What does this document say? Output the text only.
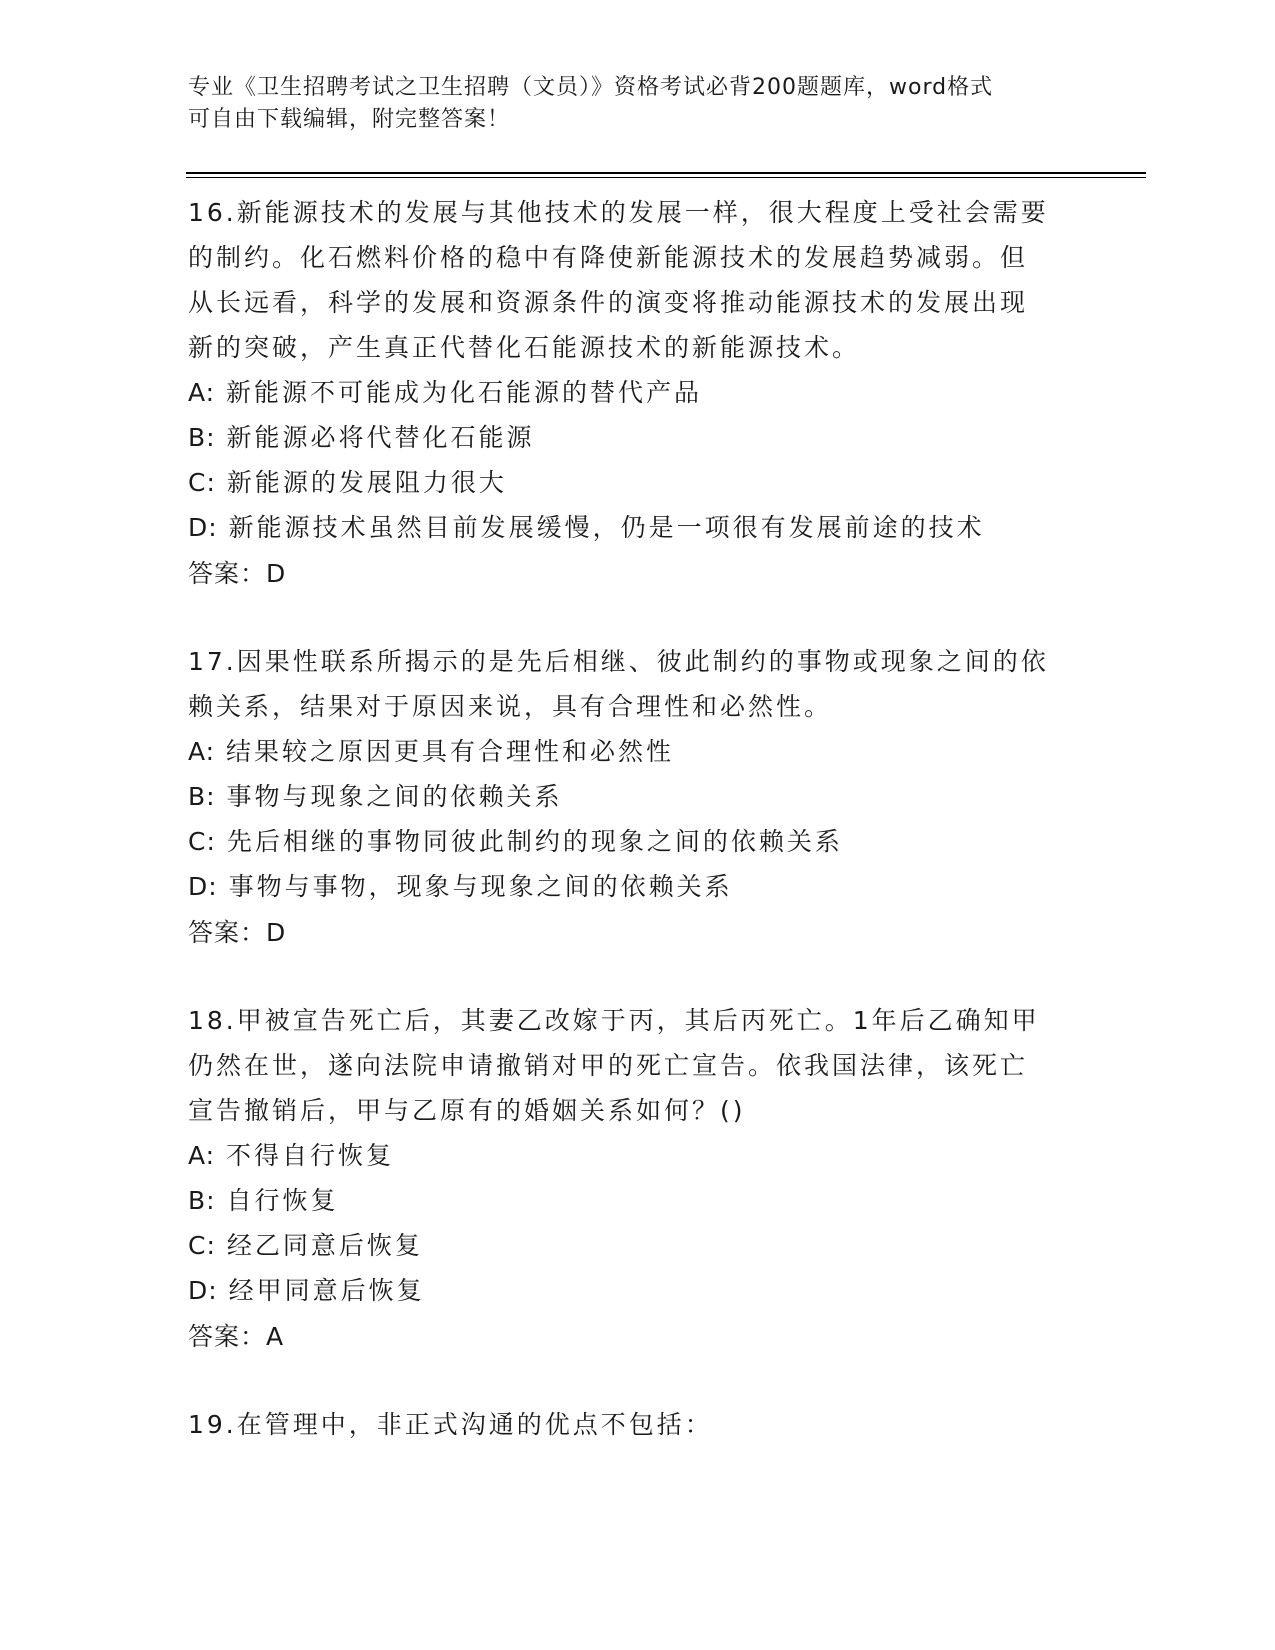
专业《卫生招聘考试之卫生招聘（文员）》资格考试必背200题题库，word格式
可自由下载编辑，附完整答案！
16.新能源技术的发展与其他技术的发展一样，很大程度上受社会需要
的制约。化石燃料价格的稳中有降使新能源技术的发展趋势减弱。但
从长远看，科学的发展和资源条件的演变将推动能源技术的发展出现
新的突破，产生真正代替化石能源技术的新能源技术。
A: 新能源不可能成为化石能源的替代产品
B: 新能源必将代替化石能源
C: 新能源的发展阻力很大
D: 新能源技术虽然目前发展缓慢，仍是一项很有发展前途的技术
答案：D
17.因果性联系所揭示的是先后相继、彼此制约的事物或现象之间的依
赖关系，结果对于原因来说，具有合理性和必然性。
A: 结果较之原因更具有合理性和必然性
B: 事物与现象之间的依赖关系
C: 先后相继的事物同彼此制约的现象之间的依赖关系
D: 事物与事物，现象与现象之间的依赖关系
答案：D
18.甲被宣告死亡后，其妻乙改嫁于丙，其后丙死亡。1年后乙确知甲
仍然在世，遂向法院申请撤销对甲的死亡宣告。依我国法律，该死亡
宣告撤销后，甲与乙原有的婚姻关系如何？()
A: 不得自行恢复
B: 自行恢复
C: 经乙同意后恢复
D: 经甲同意后恢复
答案：A
19.在管理中，非正式沟通的优点不包括：
